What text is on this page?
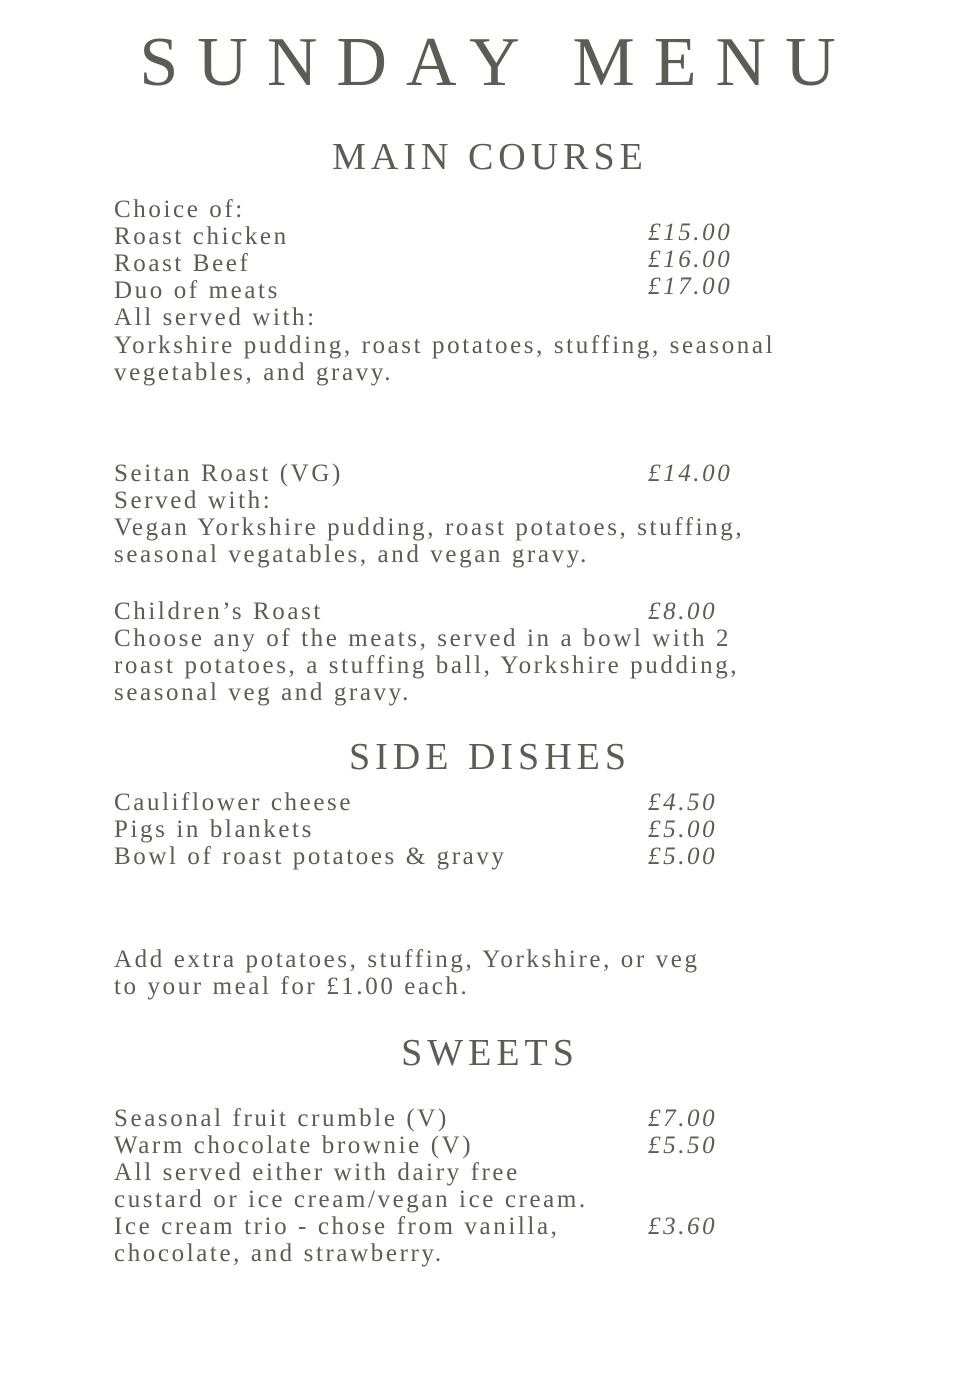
SUNDAY MENU
MAIN COURSE
Choice of:
Roast chicken	£15.00
Roast Beef	£16.00
Duo of meats	£17.00
All served with:
Yorkshire pudding, roast potatoes, stuffing, seasonal
vegetables, and gravy.
Seitan Roast (VG)	£14.00
Served with:
Vegan Yorkshire pudding, roast potatoes, stuffing,
seasonal vegatables, and vegan gravy.
Children’s Roast	£8.00
Choose any of the meats, served in a bowl with 2
roast potatoes, a stuffing ball, Yorkshire pudding,
seasonal veg and gravy.
SIDE DISHES
Cauliflower cheese	£4.50
Pigs in blankets	£5.00
Bowl of roast potatoes & gravy	£5.00
Add extra potatoes, stuffing, Yorkshire, or veg
to your meal for £1.00 each.
SWEETS
Seasonal fruit crumble (V)	£7.00
Warm chocolate brownie (V)	£5.50
All served either with dairy free
custard or ice cream/vegan ice cream.
Ice cream trio - chose from vanilla,	£3.60
chocolate, and strawberry.
